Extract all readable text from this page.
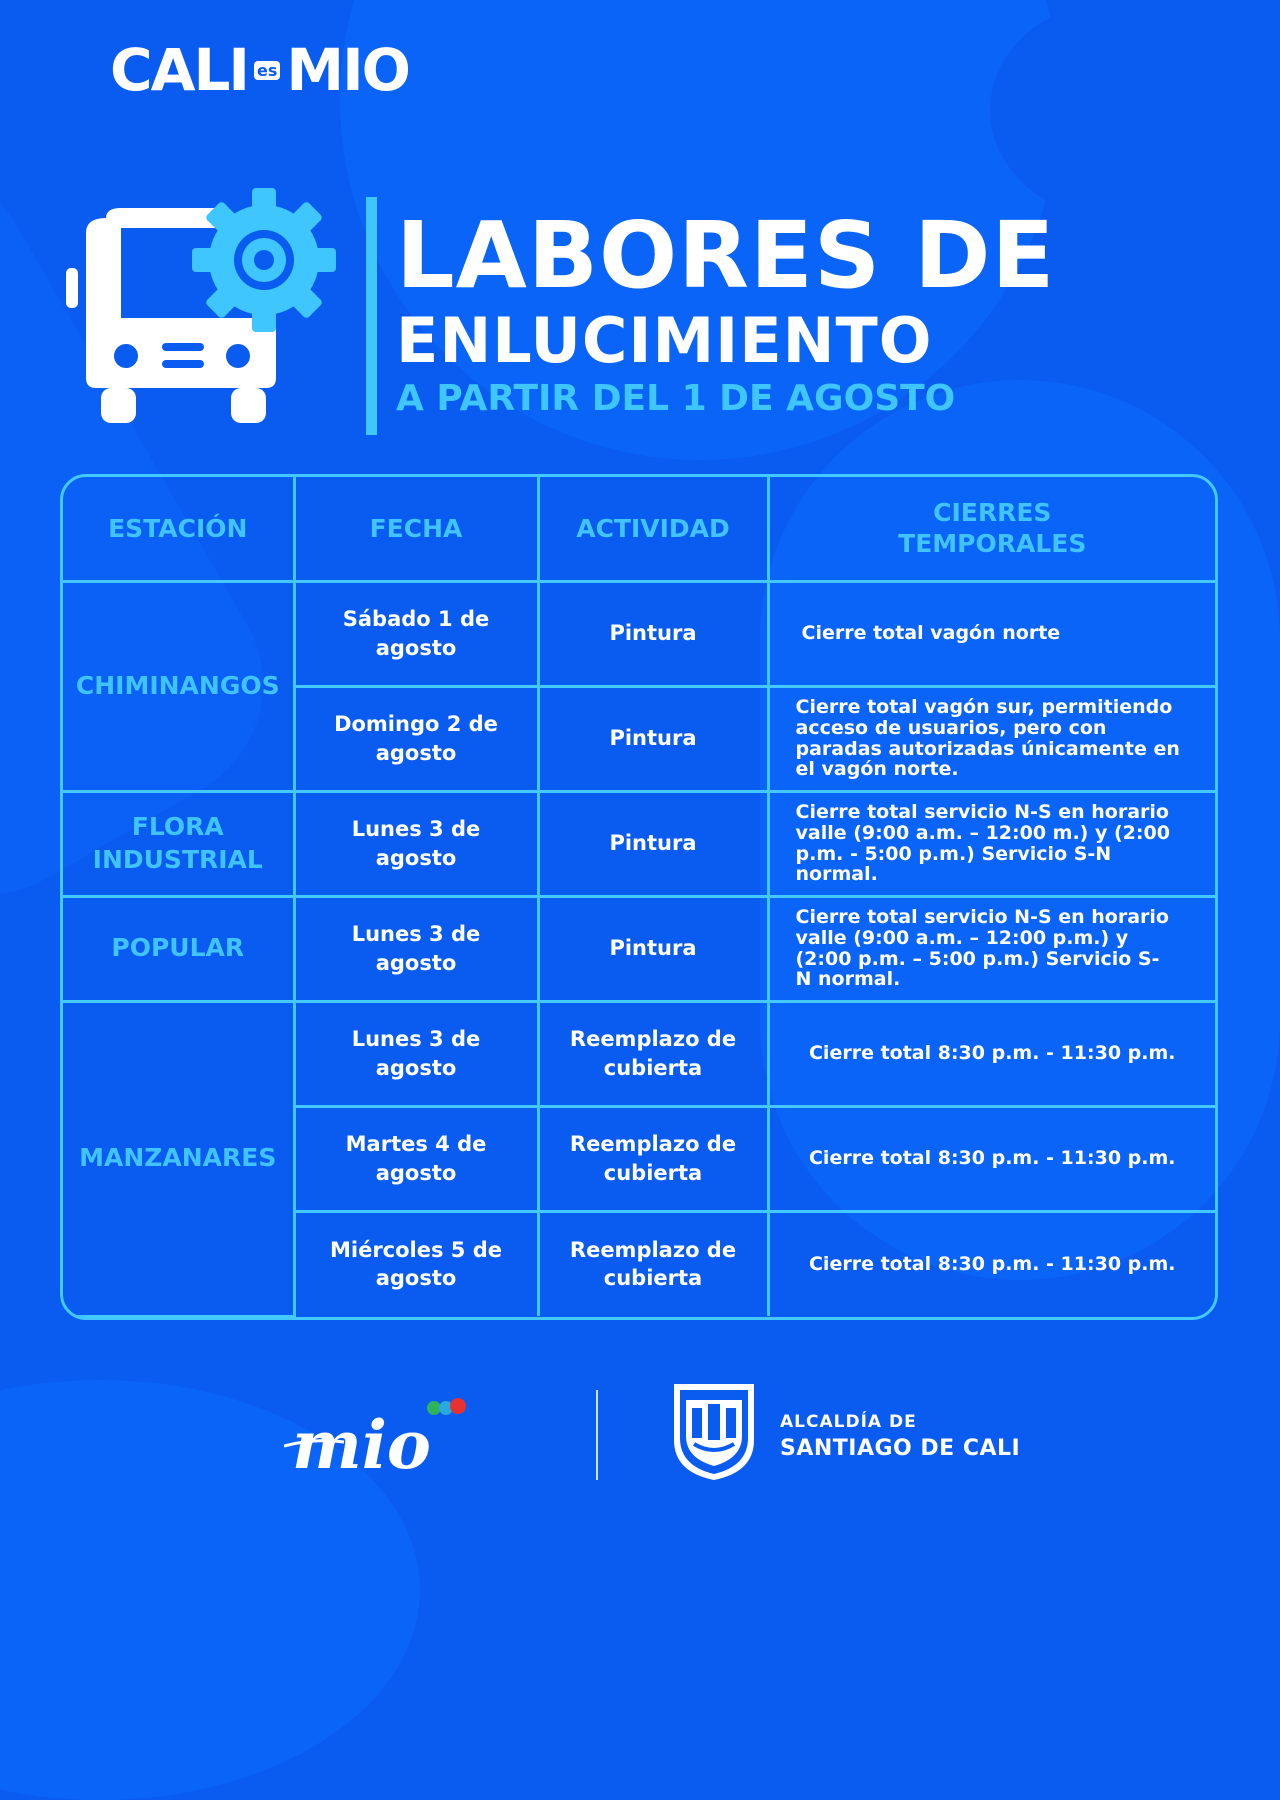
CALI es MIO
LABORES DE
ENLUCIMIENTO
A PARTIR DEL 1 DE AGOSTO
ESTACIÓN	FECHA	ACTIVIDAD	CIERRES TEMPORALES
CHIMINANGOS	Sábado 1 de agosto	Pintura	Cierre total vagón norte
	Domingo 2 de agosto	Pintura	Cierre total vagón sur, permitiendo acceso de usuarios, pero con paradas autorizadas únicamente en el vagón norte.
FLORA INDUSTRIAL	Lunes 3 de agosto	Pintura	Cierre total servicio N-S en horario valle (9:00 a.m. – 12:00 m.) y (2:00 p.m. - 5:00 p.m.) Servicio S-N normal.
POPULAR	Lunes 3 de agosto	Pintura	Cierre total servicio N-S en horario valle (9:00 a.m. – 12:00 p.m.) y (2:00 p.m. – 5:00 p.m.) Servicio S-N normal.
MANZANARES	Lunes 3 de agosto	Reemplazo de cubierta	Cierre total 8:30 p.m. - 11:30 p.m.
	Martes 4 de agosto	Reemplazo de cubierta	Cierre total 8:30 p.m. - 11:30 p.m.
	Miércoles 5 de agosto	Reemplazo de cubierta	Cierre total 8:30 p.m. - 11:30 p.m.
mio	ALCALDÍA DE
SANTIAGO DE CALI
